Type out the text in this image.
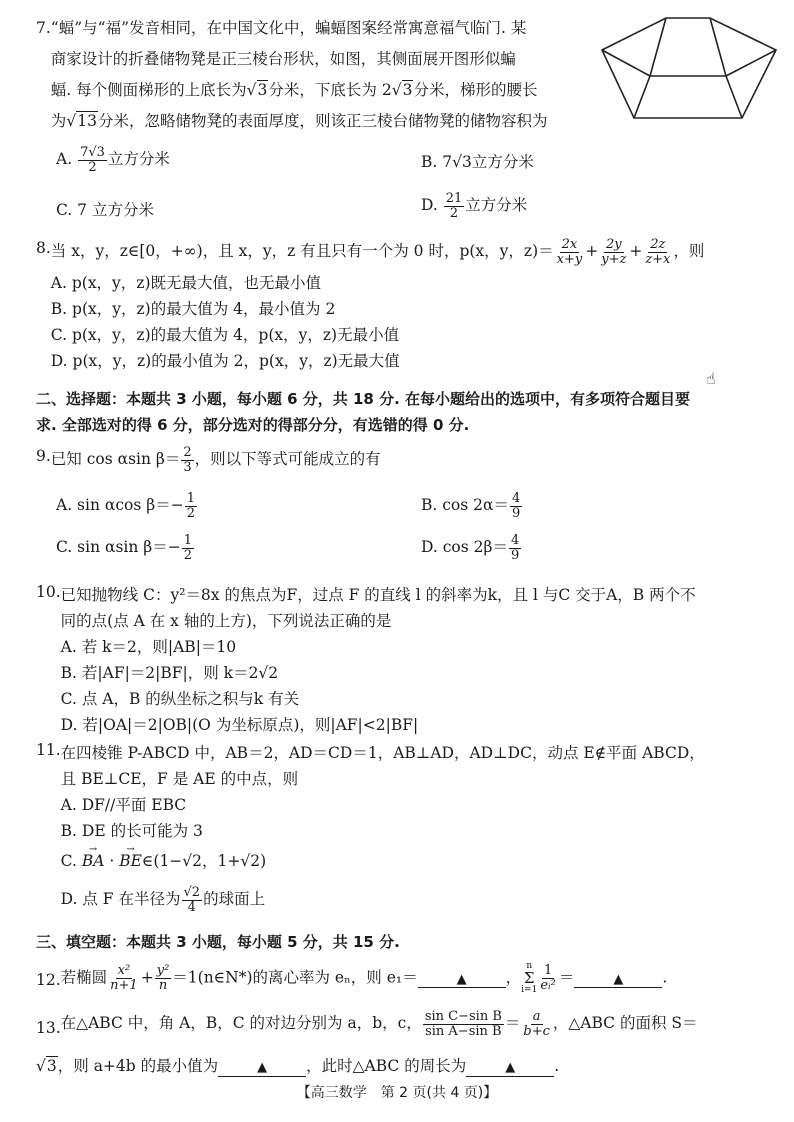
7. “蝠”与“福”发音相同，在中国文化中，蝙蝠图案经常寓意福气临门. 某
商家设计的折叠储物凳是正三棱台形状，如图，其侧面展开图形似蝙
蝠. 每个侧面梯形的上底长为√3分米，下底长为 2√3分米，梯形的腰长
为√13分米，忽略储物凳的表面厚度，则该正三棱台储物凳的储物容积为
A. $\frac{7√3}{2}$ 立方分米	B. 7√3立方分米
C. 7 立方分米	D. $\frac{21}{2}$ 立方分米
8. 当 x，y，z∈[0，+∞)，且 x，y，z 有且只有一个为 0 时，p(x，y，$z)= \frac{2x}{x+y} + \frac{2y}{y+z} + \frac{2z}{z+x}$ ，则
A. p(x，y，z)既无最大值，也无最小值
B. p(x，y，z)的最大值为 4，最小值为 2
C. p(x，y，z)的最大值为 4，p(x，y，z)无最小值
D. p(x，y，z)的最小值为 2，p(x，y，z)无最大值
二、选择题：本题共 3 小题，每小题 6 分，共 18 分. 在每小题给出的选项中，有多项符合题目要
求. 全部选对的得 6 分，部分选对的得部分分，有选错的得 0 分.
9. 已知 cos αsin $\beta= \frac{2}{3}$ ，则以下等式可能成立的有
A. sin αcos $\beta=- \frac{1}{2}$	B. $\cos 2\alpha= \frac{4}{9}$
C. sin αsin $\beta=- \frac{1}{2}$	D. $\cos 2\beta= \frac{4}{9}$
10. 已知抛物线 C：y²＝8x 的焦点为F，过点 F 的直线 l 的斜率为k，且 l 与C 交于A，B 两个不
同的点(点 A 在 x 轴的上方)，下列说法正确的是
A. 若 k＝2，则|AB|＝10
B. 若|AF|＝2|BF|，则 k＝2√2
C. 点 A，B 的纵坐标之积与k 有关
D. 若|OA|＝2|OB|(O 为坐标原点)，则|AF|<2|BF|
11. 在四棱锥 P-ABCD 中，AB＝2，AD＝CD＝1，AB⊥AD，AD⊥DC，动点 E∉平面 ABCD，
且 BE⊥CE，F 是 AE 的中点，则
A. DF//平面 EBC
B. DE 的长可能为 3
C. → BA · → BE∈(1−√2，1+√2)
D. 点 F 在半径为 $\frac{√2}{4}$ 的球面上
三、填空题：本题共 3 小题，每小题 5 分，共 15 分.
12. 若椭圆 $\frac{\text{x²}}{n+1} + \frac{\text{y²}}{n}$ ＝1(n∈N*)的离心率为 eₙ，则 e₁＝	▲	，
n
Σ
$i=1 \frac{1}{\text{eᵢ²}}$ ＝	▲	.
13. 在△ABC 中，角 A，B，C 的对边分别为 a，b，c， $\frac{\text{sin C−sin B}}{\text{sin A−sin B}} = \frac{a}{b+c}$ ，△ABC 的面积 S＝
√3，则 a+4b 的最小值为	▲	，此时△ABC 的周长为	▲	.
【高三数学　第 2 页(共 4 页)】
☝
